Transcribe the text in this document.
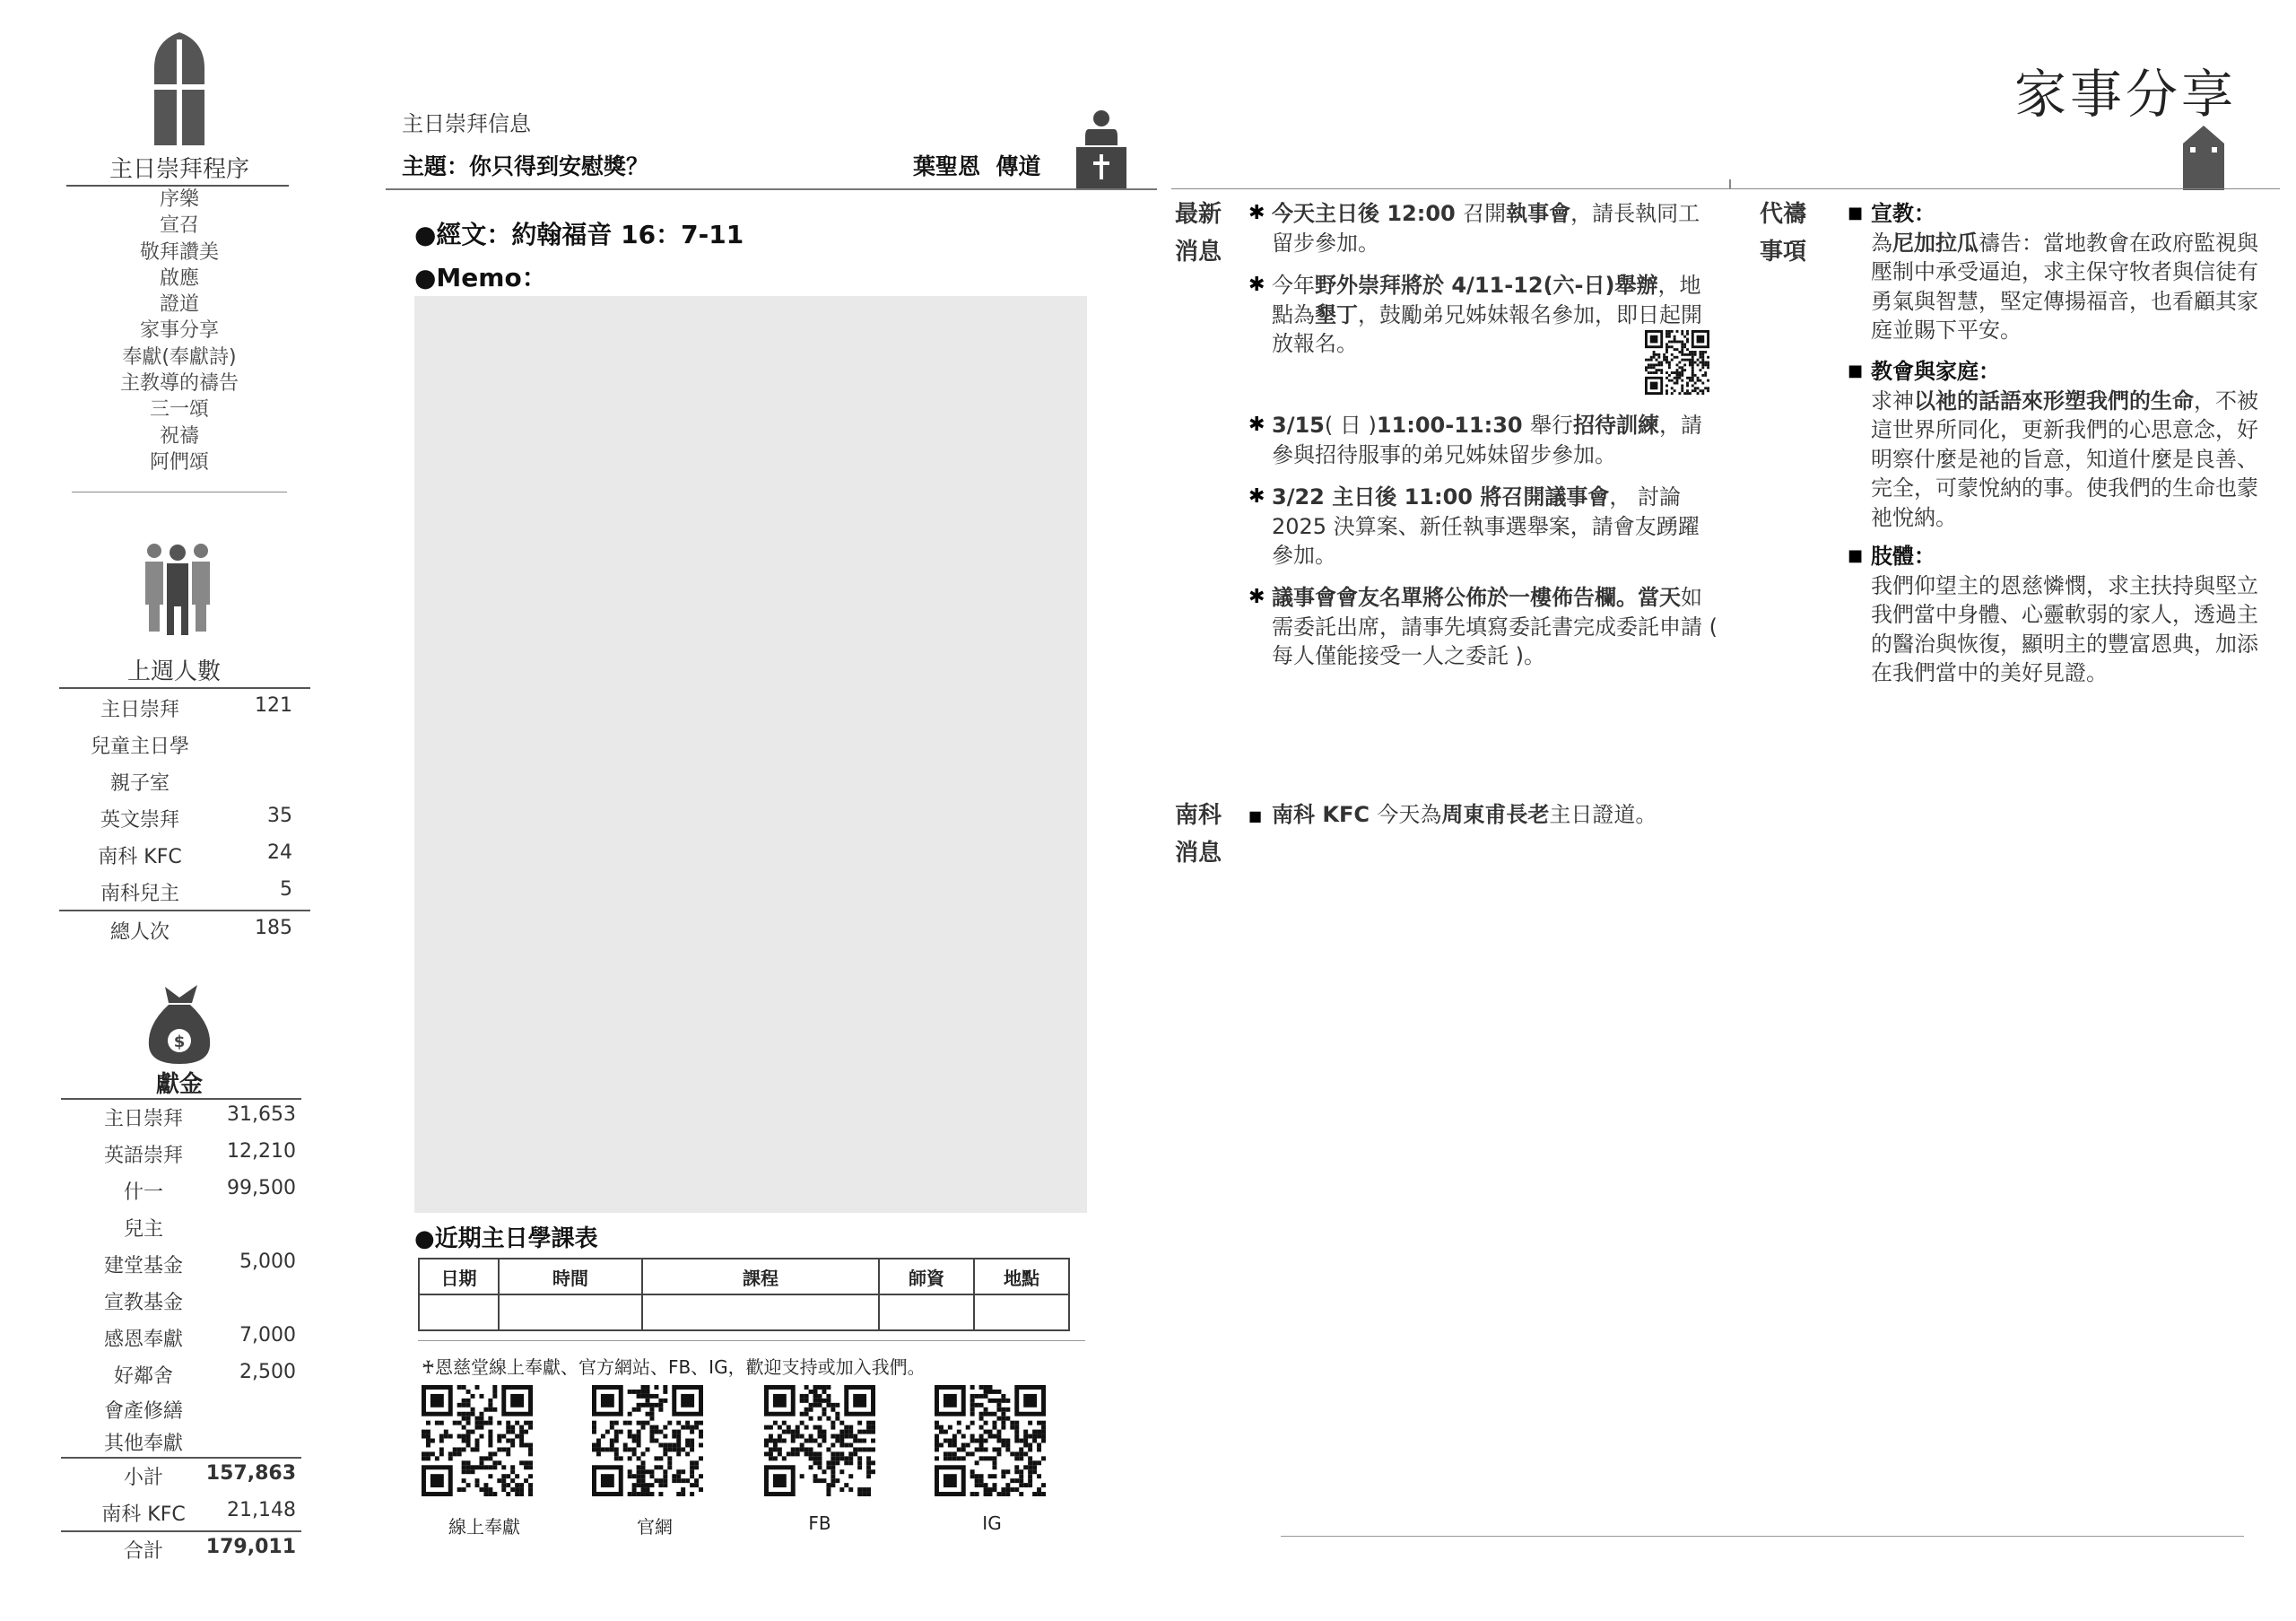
主日崇拜程序
序樂
宣召
敬拜讚美
啟應
證道
家事分享
奉獻(奉獻詩)
主教導的禱告
三一頌
祝禱
阿們頌
上週人數
主日崇拜	121
兒童主日學
親子室
英文崇拜	35
南科 KFC	24
南科兒主	5
總人次	185
$
獻金
主日崇拜	31,653
英語崇拜	12,210
什一	99,500
兒主
建堂基金	5,000
宣教基金
感恩奉獻	7,000
好鄰舍	2,500
會產修繕
其他奉獻
小計	157,863
南科 KFC	21,148
合計	179,011
主日崇拜信息
主題：你只得到安慰獎？	葉聖恩  傳道
●經文：約翰福音 16：7-11
●Memo：
●近期主日學課表
日期	時間	課程	師資	地點

♰恩慈堂線上奉獻、官方網站、FB、IG，歡迎支持或加入我們。
線上奉獻	官網	FB	IG
家事分享
最新
消息
✱ 今天主日後 12:00 召開執事會，請長執同工留步參加。
✱ 今年野外崇拜將於 4/11-12(六-日)舉辦，地點為墾丁，鼓勵弟兄姊妹報名參加，即日起開放報名。
✱ 3/15( 日 )11:00-11:30 舉行招待訓練，請參與招待服事的弟兄姊妹留步參加。
✱ 3/22 主日後 11:00 將召開議事會， 討論 2025 決算案、新任執事選舉案，請會友踴躍參加。
✱ 議事會會友名單將公佈於一樓佈告欄。當天如需委託出席，請事先填寫委託書完成委託申請 ( 每人僅能接受一人之委託 )。
南科
消息
■ 南科 KFC 今天為周東甫長老主日證道。
代禱
事項
■ 宣教：
為尼加拉瓜禱告：當地教會在政府監視與壓制中承受逼迫，求主保守牧者與信徒有勇氣與智慧，堅定傳揚福音，也看顧其家庭並賜下平安。
■ 教會與家庭：
求神以祂的話語來形塑我們的生命，不被這世界所同化，更新我們的心思意念，好明察什麼是祂的旨意，知道什麼是良善、完全，可蒙悅納的事。使我們的生命也蒙祂悅納。
■ 肢體：
我們仰望主的恩慈憐憫，求主扶持與堅立我們當中身體、心靈軟弱的家人，透過主的醫治與恢復，顯明主的豐富恩典，加添在我們當中的美好見證。
